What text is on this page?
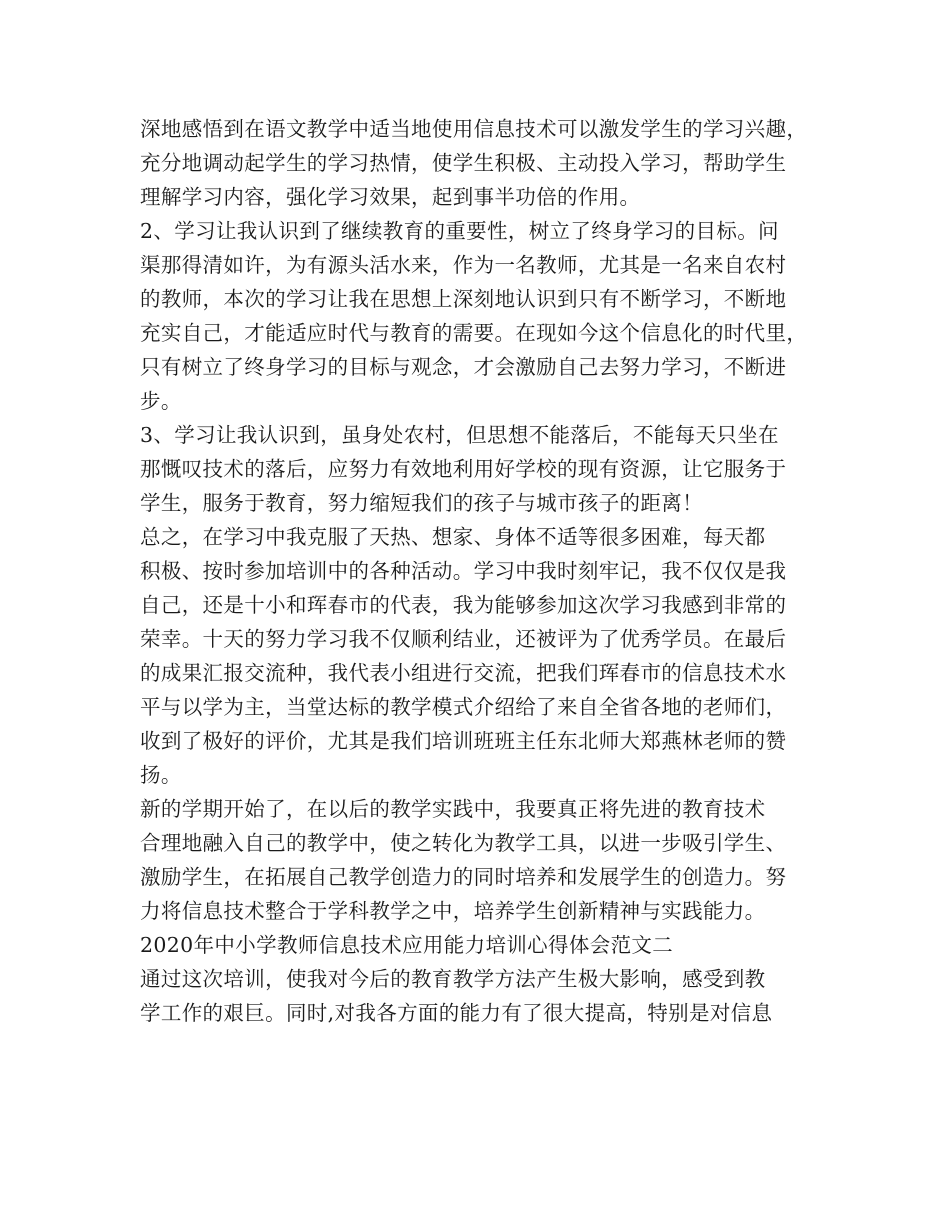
深地感悟到在语文教学中适当地使用信息技术可以激发学生的学习兴趣，
充分地调动起学生的学习热情，使学生积极、主动投入学习，帮助学生
理解学习内容，强化学习效果，起到事半功倍的作用。
2、学习让我认识到了继续教育的重要性，树立了终身学习的目标。问
渠那得清如许，为有源头活水来，作为一名教师，尤其是一名来自农村
的教师，本次的学习让我在思想上深刻地认识到只有不断学习，不断地
充实自己，才能适应时代与教育的需要。在现如今这个信息化的时代里，
只有树立了终身学习的目标与观念，才会激励自己去努力学习，不断进
步。
3、学习让我认识到，虽身处农村，但思想不能落后，不能每天只坐在
那慨叹技术的落后，应努力有效地利用好学校的现有资源，让它服务于
学生，服务于教育，努力缩短我们的孩子与城市孩子的距离！
总之，在学习中我克服了天热、想家、身体不适等很多困难，每天都
积极、按时参加培训中的各种活动。学习中我时刻牢记，我不仅仅是我
自己，还是十小和珲春市的代表，我为能够参加这次学习我感到非常的
荣幸。十天的努力学习我不仅顺利结业，还被评为了优秀学员。在最后
的成果汇报交流种，我代表小组进行交流，把我们珲春市的信息技术水
平与以学为主，当堂达标的教学模式介绍给了来自全省各地的老师们，
收到了极好的评价，尤其是我们培训班班主任东北师大郑燕林老师的赞
扬。
新的学期开始了，在以后的教学实践中，我要真正将先进的教育技术
合理地融入自己的教学中，使之转化为教学工具，以进一步吸引学生、
激励学生，在拓展自己教学创造力的同时培养和发展学生的创造力。努
力将信息技术整合于学科教学之中，培养学生创新精神与实践能力。
2020年中小学教师信息技术应用能力培训心得体会范文二
通过这次培训，使我对今后的教育教学方法产生极大影响，感受到教
学工作的艰巨。同时,对我各方面的能力有了很大提高，特别是对信息
